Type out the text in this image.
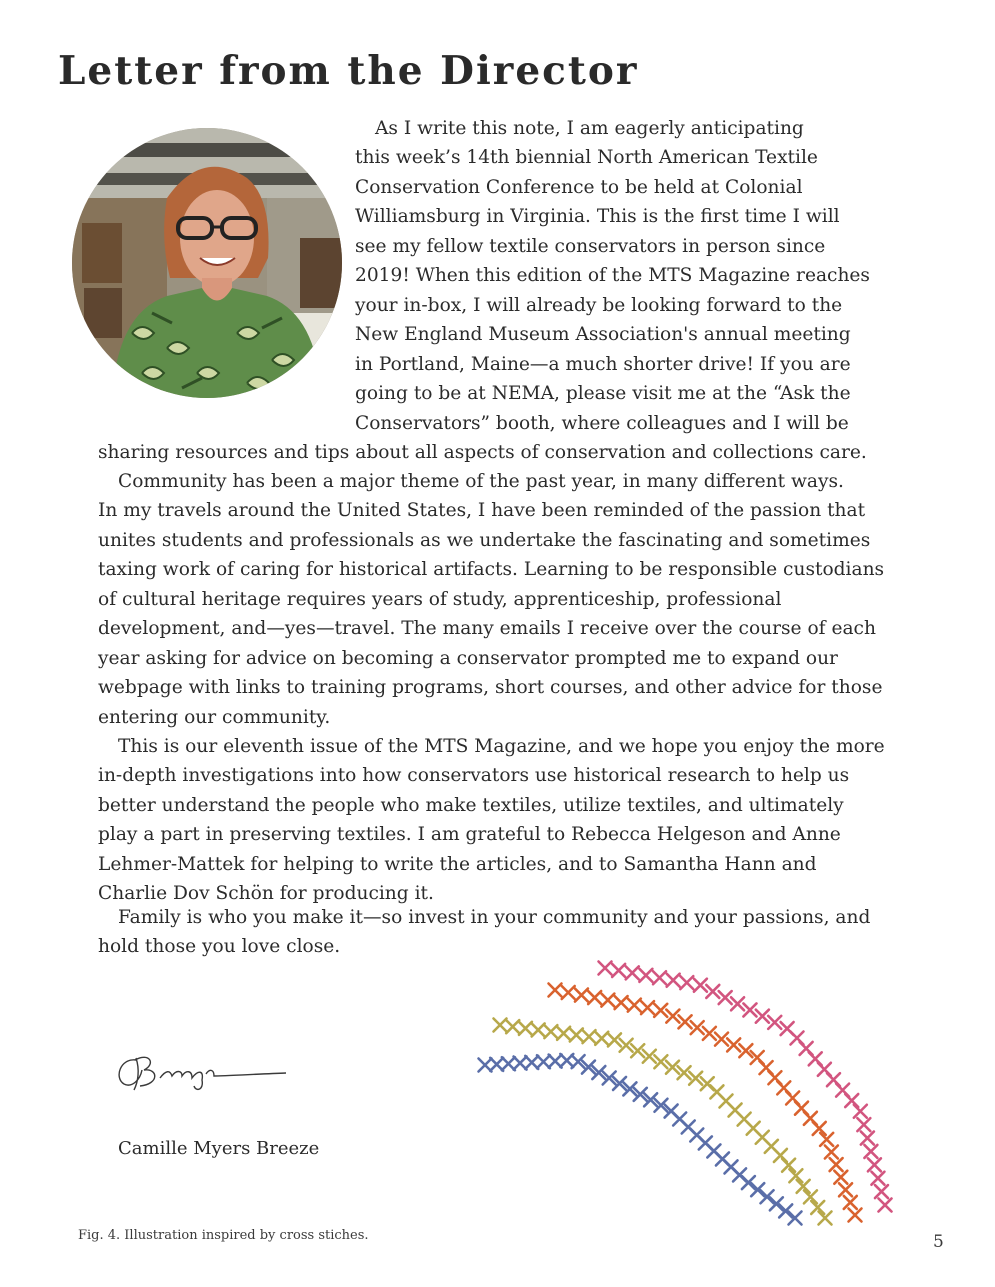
Letter from the Director
As I write this note, I am eagerly anticipating
this week’s 14th biennial North American Textile
Conservation Conference to be held at Colonial
Williamsburg in Virginia. This is the first time I will
see my fellow textile conservators in person since
2019! When this edition of the MTS Magazine reaches
your in-box, I will already be looking forward to the
New England Museum Association's annual meeting
in Portland, Maine—a much shorter drive! If you are
going to be at NEMA, please visit me at the “Ask the
Conservators” booth, where colleagues and I will be
sharing resources and tips about all aspects of conservation and collections care.
Community has been a major theme of the past year, in many different ways.
In my travels around the United States, I have been reminded of the passion that
unites students and professionals as we undertake the fascinating and sometimes
taxing work of caring for historical artifacts. Learning to be responsible custodians
of cultural heritage requires years of study, apprenticeship, professional
development, and—yes—travel. The many emails I receive over the course of each
year asking for advice on becoming a conservator prompted me to expand our
webpage with links to training programs, short courses, and other advice for those
entering our community.
This is our eleventh issue of the MTS Magazine, and we hope you enjoy the more
in-depth investigations into how conservators use historical research to help us
better understand the people who make textiles, utilize textiles, and ultimately
play a part in preserving textiles. I am grateful to Rebecca Helgeson and Anne
Lehmer-Mattek for helping to write the articles, and to Samantha Hann and
Charlie Dov Schön for producing it.
Family is who you make it—so invest in your community and your passions, and
hold those you love close.
Camille Myers Breeze
Fig. 4. Illustration inspired by cross stiches.	5
